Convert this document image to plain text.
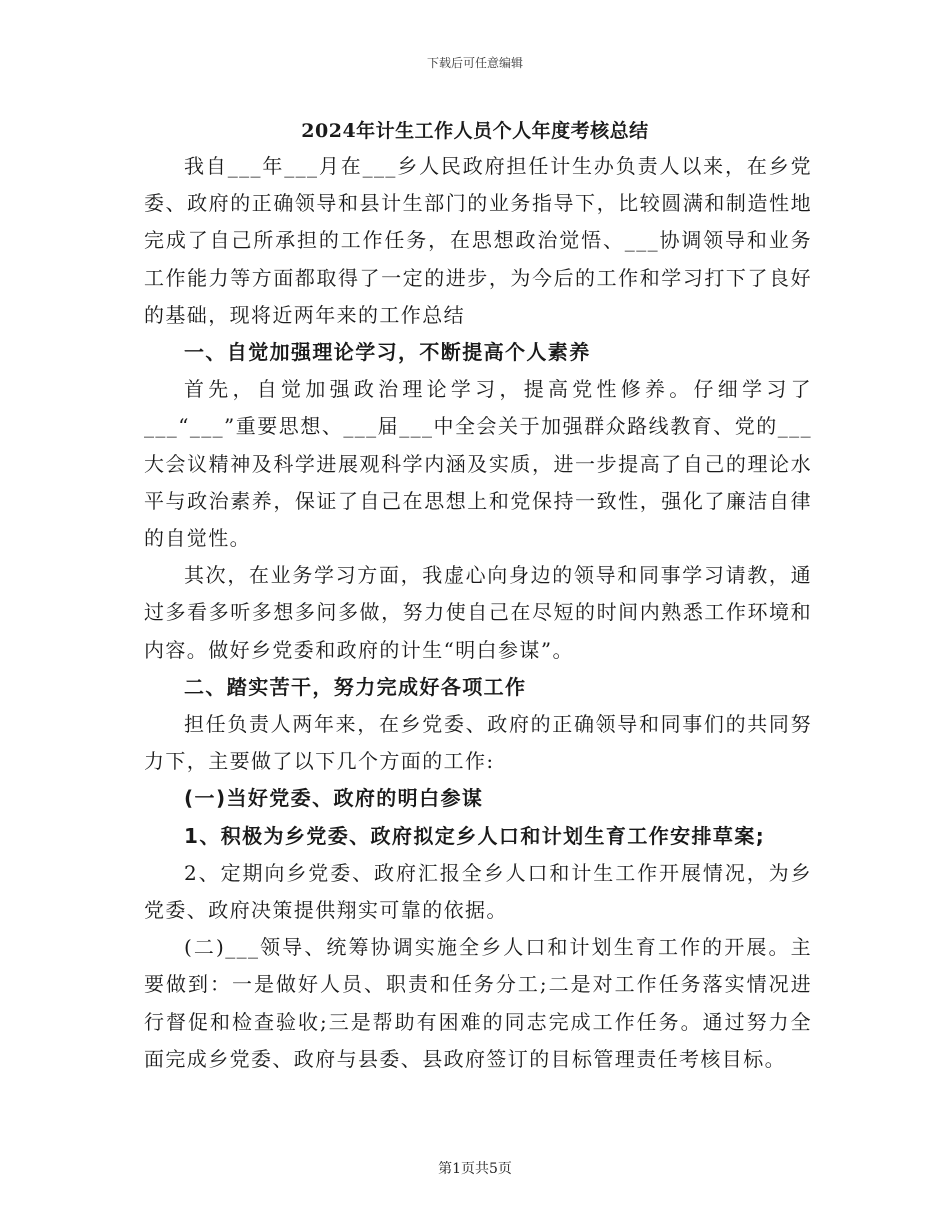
下载后可任意编辑
2024年计生工作人员个人年度考核总结

我自___年___月在___乡人民政府担任计生办负责人以来，在乡党委、政府的正确领导和县计生部门的业务指导下，比较圆满和制造性地完成了自己所承担的工作任务，在思想政治觉悟、___协调领导和业务工作能力等方面都取得了一定的进步，为今后的工作和学习打下了良好的基础，现将近两年来的工作总结

一、自觉加强理论学习，不断提高个人素养

首先，自觉加强政治理论学习，提高党性修养。仔细学习了___“___”重要思想、___届___中全会关于加强群众路线教育、党的___大会议精神及科学进展观科学内涵及实质，进一步提高了自己的理论水平与政治素养，保证了自己在思想上和党保持一致性，强化了廉洁自律的自觉性。

其次，在业务学习方面，我虚心向身边的领导和同事学习请教，通过多看多听多想多问多做，努力使自己在尽短的时间内熟悉工作环境和内容。做好乡党委和政府的计生“明白参谋”。

二、踏实苦干，努力完成好各项工作

担任负责人两年来，在乡党委、政府的正确领导和同事们的共同努力下，主要做了以下几个方面的工作:

(一)当好党委、政府的明白参谋

1、积极为乡党委、政府拟定乡人口和计划生育工作安排草案;

2、定期向乡党委、政府汇报全乡人口和计生工作开展情况，为乡党委、政府决策提供翔实可靠的依据。

(二)___领导、统筹协调实施全乡人口和计划生育工作的开展。主要做到：一是做好人员、职责和任务分工;二是对工作任务落实情况进行督促和检查验收;三是帮助有困难的同志完成工作任务。通过努力全面完成乡党委、政府与县委、县政府签订的目标管理责任考核目标。

第1页共5页
